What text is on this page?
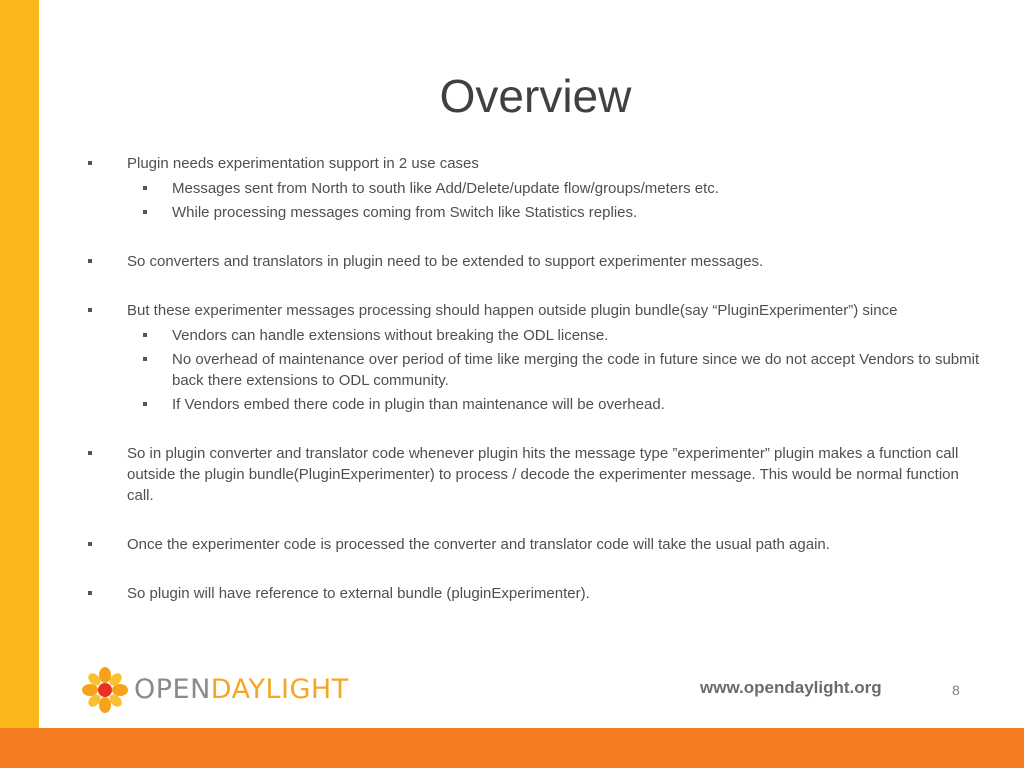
Overview
Plugin needs experimentation support in 2 use cases
Messages sent from North to south like Add/Delete/update flow/groups/meters etc.
While processing messages coming from Switch like Statistics replies.
So converters and translators in plugin need to be extended to support experimenter messages.
But these experimenter messages processing should happen outside plugin bundle(say “PluginExperimenter”) since
Vendors can handle extensions without breaking the ODL license.
No overhead of maintenance over period of time like merging the code in future since we do not accept Vendors to submit back there extensions to ODL community.
If Vendors embed there code in plugin than maintenance will be overhead.
So in plugin converter and translator code whenever plugin hits the message type ”experimenter” plugin makes a function call outside the plugin bundle(PluginExperimenter) to process / decode the experimenter message. This would be normal function call.
Once the experimenter code is processed the converter and translator code will take the usual path again.
So plugin will have reference to external bundle (pluginExperimenter).
OPENDAYLIGHT	www.opendaylight.org	8
